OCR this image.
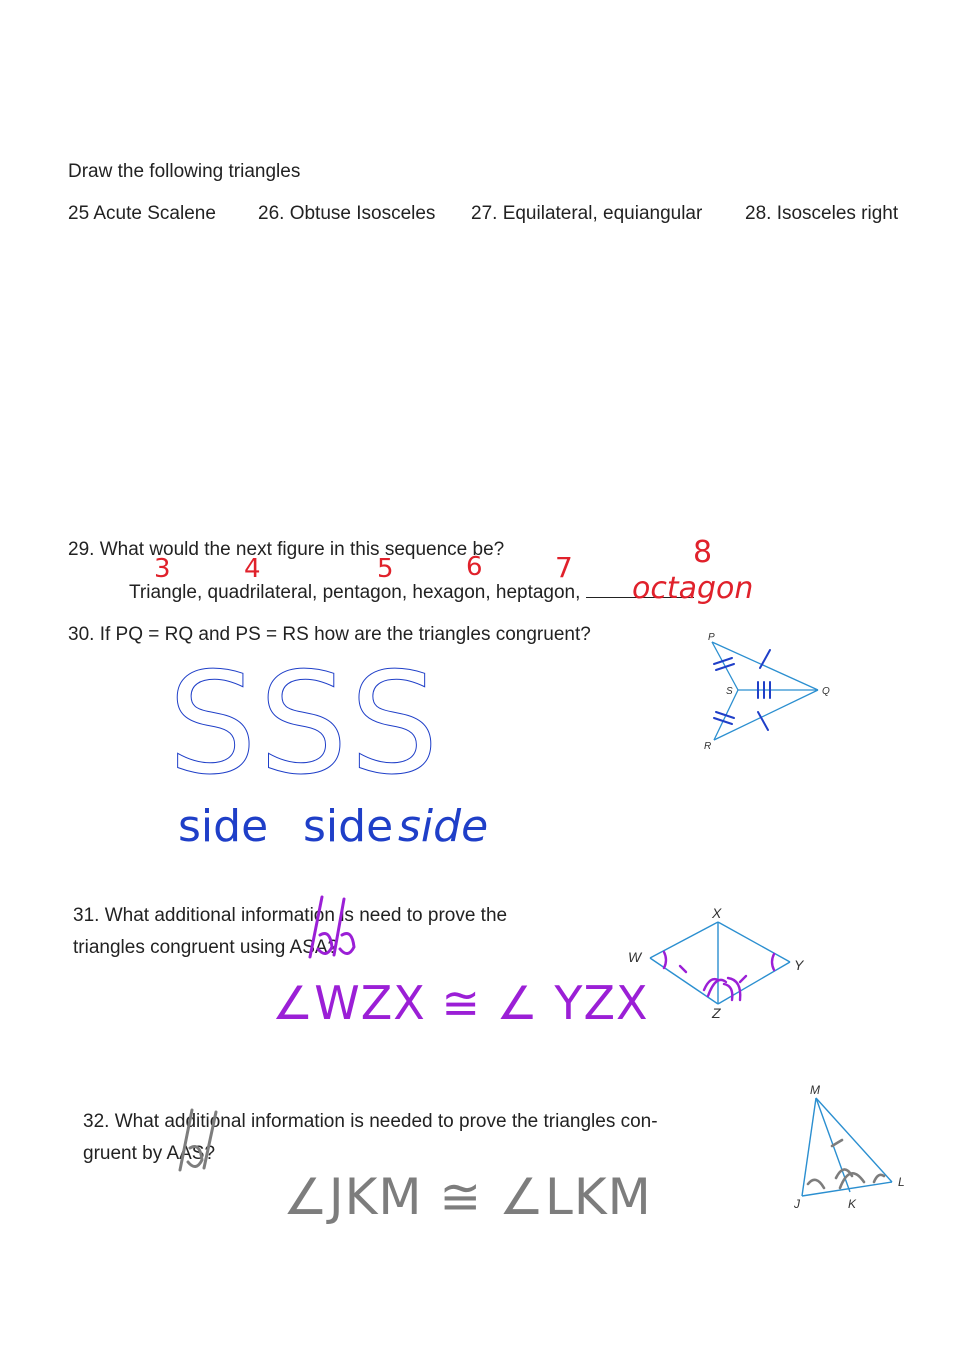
Draw the following triangles
25 Acute Scalene 26. Obtuse Isosceles 27. Equilateral, equiangular 28. Isosceles right
29. What would the next figure in this sequence be?
Triangle, quadrilateral, pentagon, hexagon, heptagon,
3	4	5	6	7	8
octagon
30. If PQ = RQ and PS = RS how are the triangles congruent?
SSS
side side side
P
Q
R
S
31. What additional information is need to prove the
triangles congruent using ASA?
∠WZX ≅ ∠ YZX
X
W	Y
Z
32. What additional information is needed to prove the triangles con-
gruent by AAS?
∠JKM ≅ ∠LKM
M
J	K
L
